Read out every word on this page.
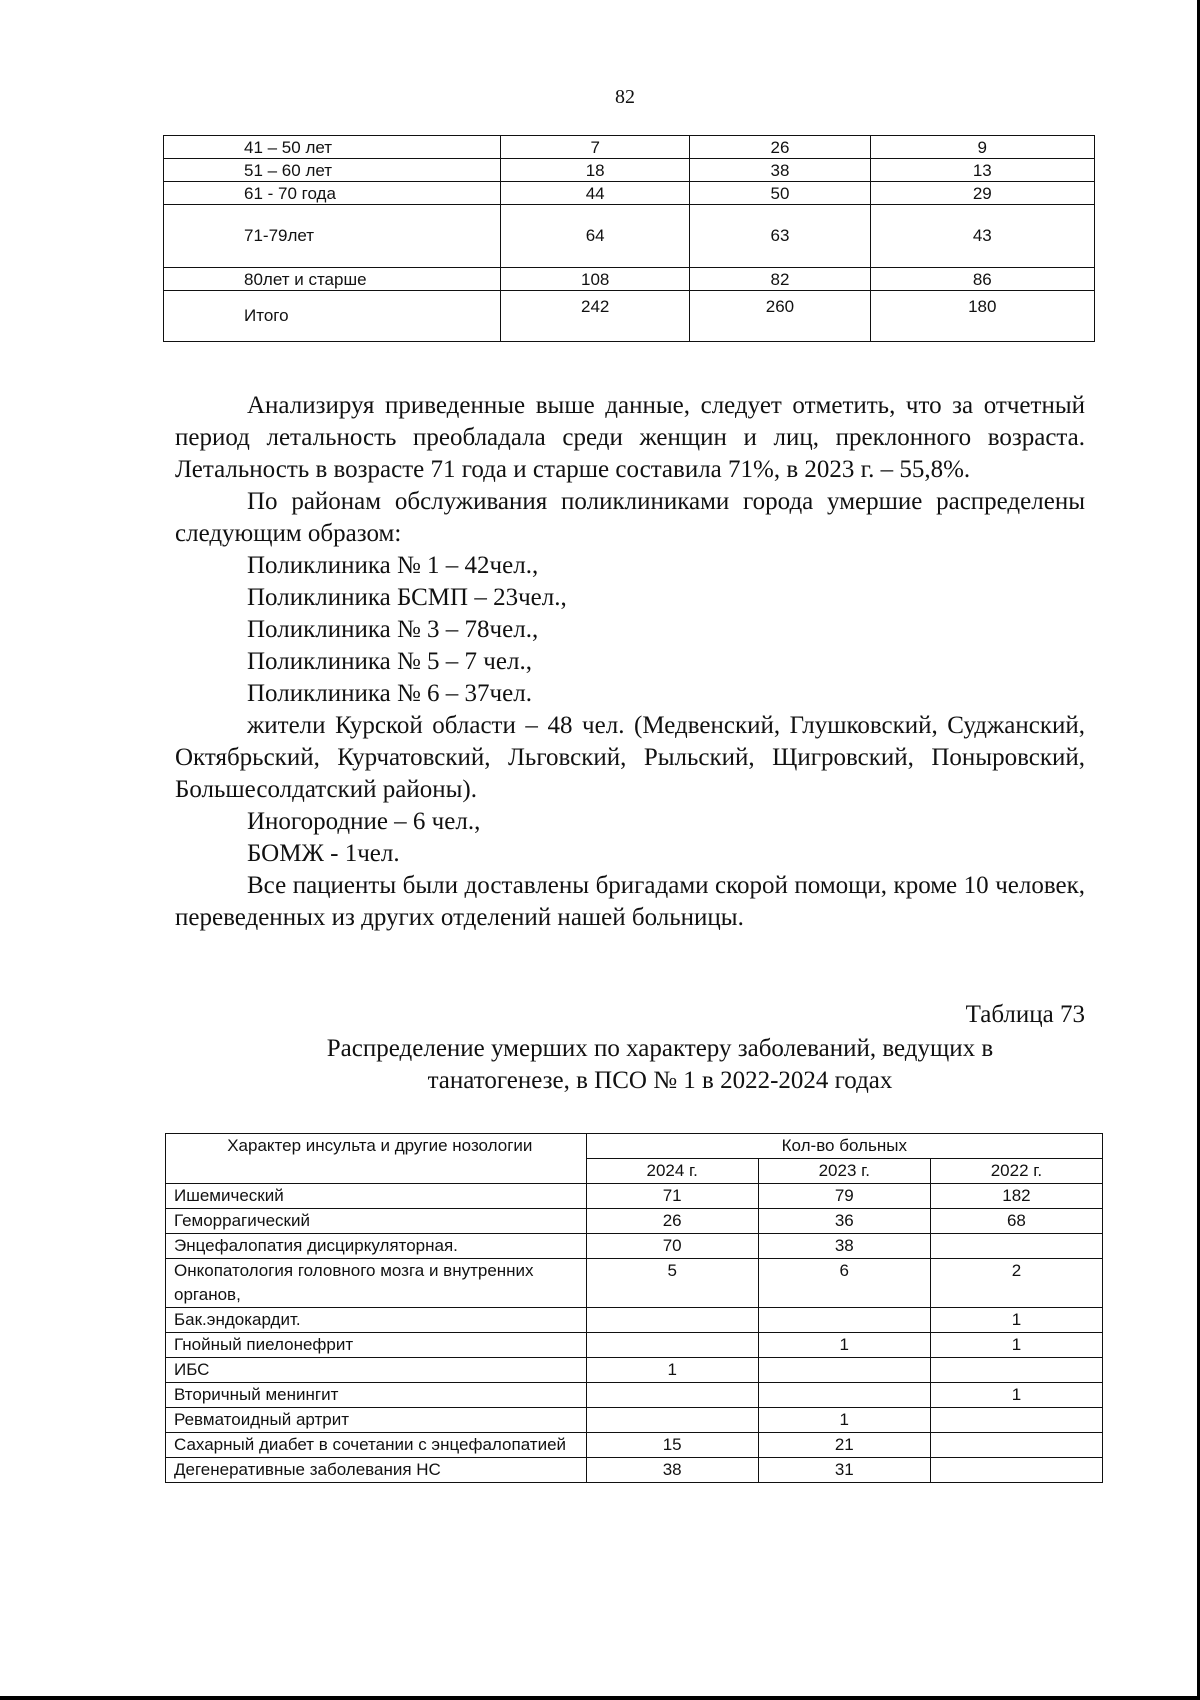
82
41 – 50 лет	7	26	9
51 – 60 лет	18	38	13
61 - 70 года	44	50	29
71-79лет	64	63	43
80лет и старше	108	82	86
Итого	242	260	180

Анализируя приведенные выше данные, следует отметить, что за отчетный период летальность преобладала среди женщин и лиц, преклонного возраста. Летальность в возрасте 71 года и старше составила 71%, в 2023 г. – 55,8%.

По районам обслуживания поликлиниками города умершие распределены следующим образом:

Поликлиника № 1 – 42чел.,

Поликлиника БСМП – 23чел.,

Поликлиника № 3 – 78чел.,

Поликлиника № 5 – 7 чел.,

Поликлиника № 6 – 37чел.

жители Курской области – 48 чел. (Медвенский, Глушковский, Суджанский, Октябрьский, Курчатовский, Льговский, Рыльский, Щигровский, Поныровский, Большесолдатский районы).

Иногородние – 6 чел.,

БОМЖ - 1чел.

Все пациенты были доставлены бригадами скорой помощи, кроме 10 человек, переведенных из других отделений нашей больницы.

Таблица 73
Распределение умерших по характеру заболеваний, ведущих в танатогенезе, в ПСО № 1 в 2022-2024 годах
Характер инсульта и другие нозологии	Кол-во больных		
	2024 г.	2023 г.	2022 г.
Ишемический	71	79	182
Геморрагический	26	36	68
Энцефалопатия дисциркуляторная.	70	38	
Онкопатология головного мозга и внутренних органов,	5	6	2
Бак.эндокардит.			1
Гнойный пиелонефрит		1	1
ИБС	1		
Вторичный менингит			1
Ревматоидный артрит		1	
Сахарный диабет в сочетании с энцефалопатией	15	21	
Дегенеративные заболевания НС	38	31	
